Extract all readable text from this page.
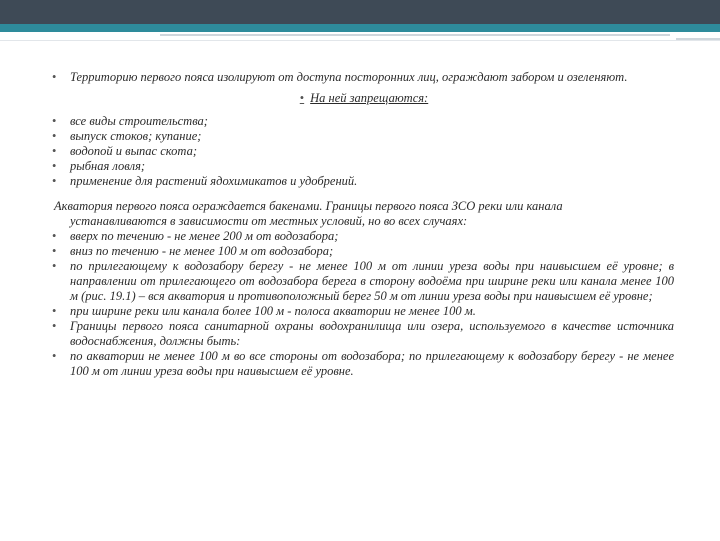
• Территорию первого пояса изолируют от доступа посторонних лиц, ограждают забором и озеленяют.
• На ней запрещаются:
• все виды строительства;
• выпуск стоков; купание;
• водопой и выпас скота;
• рыбная ловля;
• применение для растений ядохимикатов и удобрений.
Акватория первого пояса ограждается бакенами. Границы первого пояса ЗСО реки или канала
устанавливаются в зависимости от местных условий, но во всех случаях:
• вверх по течению - не менее 200 м от водозабора;
• вниз по течению - не менее 100 м от водозабора;
• по прилегающему к водозабору берегу - не менее 100 м от линии уреза воды при наивысшем её уровне; в направлении от прилегающего от водозабора берега в сторону водоёма при ширине реки или канала менее 100 м (рис. 19.1) – вся акватория и противоположный берег 50 м от линии уреза воды при наивысшем её уровне;
• при ширине реки или канала более 100 м - полоса акватории не менее 100 м.
• Границы первого пояса санитарной охраны водохранилища или озера, используемого в качестве источника водоснабжения, должны быть:
• по акватории не менее 100 м во все стороны от водозабора; по прилегающему к водозабору берегу - не менее 100 м от линии уреза воды при наивысшем её уровне.
